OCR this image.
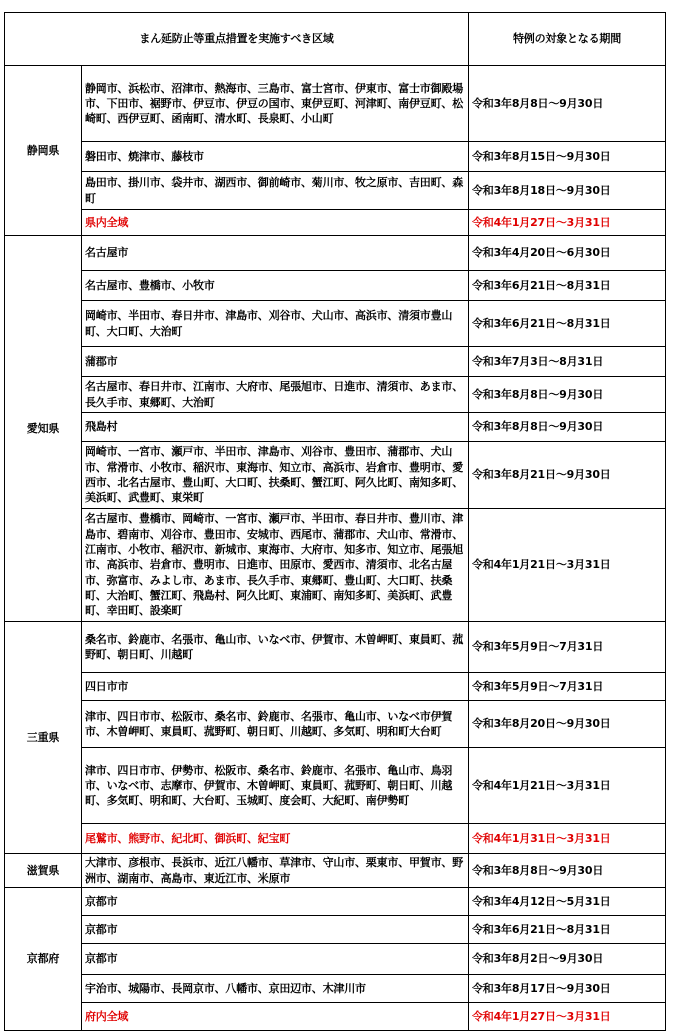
まん延防止等重点措置を実施すべき区域		特例の対象となる期間
静岡県	静岡市、浜松市、沼津市、熱海市、三島市、富士宮市、伊東市、富士市御殿場市、下田市、裾野市、伊豆市、伊豆の国市、東伊豆町、河津町、南伊豆町、松崎町、西伊豆町、函南町、清水町、長泉町、小山町	令和3年8月8日～9月30日
	磐田市、焼津市、藤枝市	令和3年8月15日～9月30日
	島田市、掛川市、袋井市、湖西市、御前崎市、菊川市、牧之原市、吉田町、森町	令和3年8月18日～9月30日
	県内全域	令和4年1月27日～3月31日
愛知県	名古屋市	令和3年4月20日～6月30日
	名古屋市、豊橋市、小牧市	令和3年6月21日～8月31日
	岡崎市、半田市、春日井市、津島市、刈谷市、犬山市、高浜市、清須市豊山町、大口町、大治町	令和3年6月21日～8月31日
	蒲郡市	令和3年7月3日～8月31日
	名古屋市、春日井市、江南市、大府市、尾張旭市、日進市、清須市、あま市、長久手市、東郷町、大治町	令和3年8月8日～9月30日
	飛島村	令和3年8月8日～9月30日
	岡崎市、一宮市、瀬戸市、半田市、津島市、刈谷市、豊田市、蒲郡市、犬山市、常滑市、小牧市、稲沢市、東海市、知立市、高浜市、岩倉市、豊明市、愛西市、北名古屋市、豊山町、大口町、扶桑町、蟹江町、阿久比町、南知多町、美浜町、武豊町、東栄町	令和3年8月21日～9月30日
	名古屋市、豊橋市、岡崎市、一宮市、瀬戸市、半田市、春日井市、豊川市、津島市、碧南市、刈谷市、豊田市、安城市、西尾市、蒲郡市、犬山市、常滑市、江南市、小牧市、稲沢市、新城市、東海市、大府市、知多市、知立市、尾張旭市、高浜市、岩倉市、豊明市、日進市、田原市、愛西市、清須市、北名古屋市、弥富市、みよし市、あま市、長久手市、東郷町、豊山町、大口町、扶桑町、大治町、蟹江町、飛島村、阿久比町、東浦町、南知多町、美浜町、武豊町、幸田町、設楽町	令和4年1月21日～3月31日
三重県	桑名市、鈴鹿市、名張市、亀山市、いなべ市、伊賀市、木曽岬町、東員町、菰野町、朝日町、川越町	令和3年5月9日～7月31日
	四日市市	令和3年5月9日～7月31日
	津市、四日市市、松阪市、桑名市、鈴鹿市、名張市、亀山市、いなべ市伊賀市、木曽岬町、東員町、菰野町、朝日町、川越町、多気町、明和町大台町	令和3年8月20日～9月30日
	津市、四日市市、伊勢市、松阪市、桑名市、鈴鹿市、名張市、亀山市、鳥羽市、いなべ市、志摩市、伊賀市、木曽岬町、東員町、菰野町、朝日町、川越町、多気町、明和町、大台町、玉城町、度会町、大紀町、南伊勢町	令和4年1月21日～3月31日
	尾鷲市、熊野市、紀北町、御浜町、紀宝町	令和4年1月31日～3月31日
滋賀県	大津市、彦根市、長浜市、近江八幡市、草津市、守山市、栗東市、甲賀市、野洲市、湖南市、高島市、東近江市、米原市	令和3年8月8日～9月30日
京都府	京都市	令和3年4月12日～5月31日
	京都市	令和3年6月21日～8月31日
	京都市	令和3年8月2日～9月30日
	宇治市、城陽市、長岡京市、八幡市、京田辺市、木津川市	令和3年8月17日～9月30日
	府内全域	令和4年1月27日～3月31日
